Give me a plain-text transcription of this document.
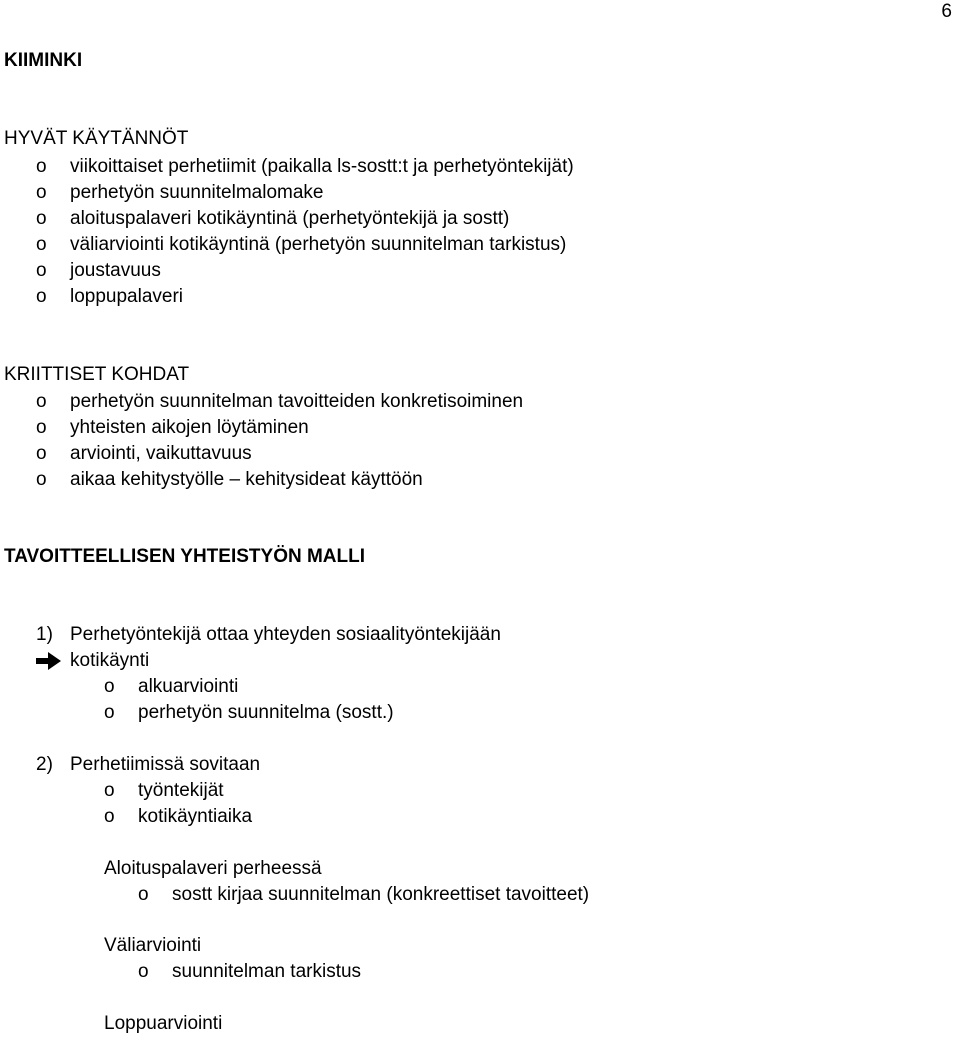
6
KIIMINKI
HYVÄT KÄYTÄNNÖT
o viikoittaiset perhetiimit (paikalla ls-sostt:t ja perhetyöntekijät)
o perhetyön suunnitelmalomake
o aloituspalaveri kotikäyntinä (perhetyöntekijä ja sostt)
o väliarviointi kotikäyntinä (perhetyön suunnitelman tarkistus)
o joustavuus
o loppupalaveri
KRIITTISET KOHDAT
o perhetyön suunnitelman tavoitteiden konkretisoiminen
o yhteisten aikojen löytäminen
o arviointi, vaikuttavuus
o aikaa kehitystyölle – kehitysideat käyttöön
TAVOITTEELLISEN YHTEISTYÖN MALLI
1) Perhetyöntekijä ottaa yhteyden sosiaalityöntekijään
kotikäynti
o alkuarviointi
o perhetyön suunnitelma (sostt.)
2) Perhetiimissä sovitaan
o työntekijät
o kotikäyntiaika
Aloituspalaveri perheessä
o sostt kirjaa suunnitelman (konkreettiset tavoitteet)
Väliarviointi
o suunnitelman tarkistus
Loppuarviointi
